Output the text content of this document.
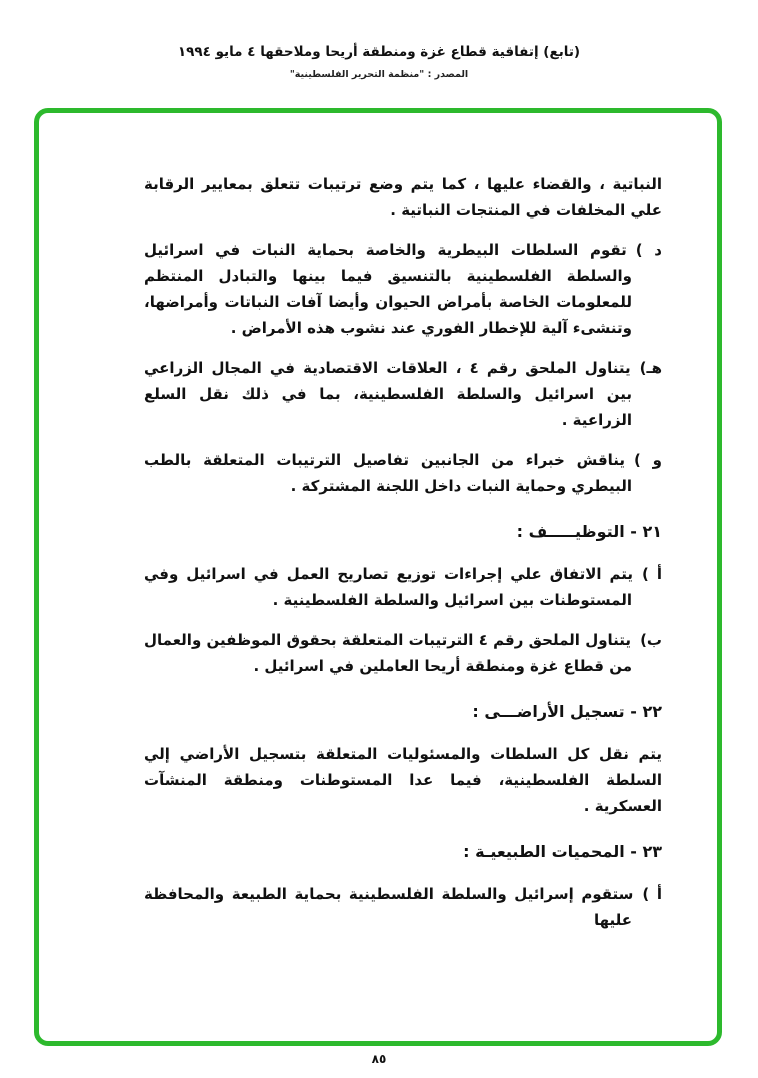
(تابع) إتفاقية قطاع غزة ومنطقة أريحا وملاحقها ٤ مايو ١٩٩٤
المصدر : "منظمة التحرير الفلسطينية"

النباتية ، والقضاء عليها ، كما يتم وضع ترتيبات تتعلق بمعايير الرقابة علي المخلفات في المنتجات النباتية .

د )تقوم السلطات البيطرية والخاصة بحماية النبات في اسرائيل والسلطة الفلسطينية بالتنسيق فيما بينها والتبادل المنتظم للمعلومات الخاصة بأمراض الحيوان وأيضا آفات النباتات وأمراضها، وتنشىء آلية للإخطار الفوري عند نشوب هذه الأمراض .

هـ)يتناول الملحق رقم ٤ ، العلاقات الاقتصادية في المجال الزراعي بين اسرائيل والسلطة الفلسطينية، بما في ذلك نقل السلع الزراعية .

و )يناقش خبراء من الجانبين تفاصيل الترتيبات المتعلقة بالطب البيطري وحماية النبات داخل اللجنة المشتركة .

٢١ - التوظيـــــف :

أ )يتم الاتفاق علي إجراءات توزيع تصاريح العمل في اسرائيل وفي المستوطنات بين اسرائيل والسلطة الفلسطينية .

ب)يتناول الملحق رقم ٤ الترتيبات المتعلقة بحقوق الموظفين والعمال من قطاع غزة ومنطقة أريحا العاملين في اسرائيل .

٢٢ - تسجيل الأراضـــى :

يتم نقل كل السلطات والمسئوليات المتعلقة بتسجيل الأراضي إلي السلطة الفلسطينية، فيما عدا المستوطنات ومنطقة المنشآت العسكرية .

٢٣ - المحميات الطبيعيـة :

أ )ستقوم إسرائيل والسلطة الفلسطينية بحماية الطبيعة والمحافظة عليها

٨٥
